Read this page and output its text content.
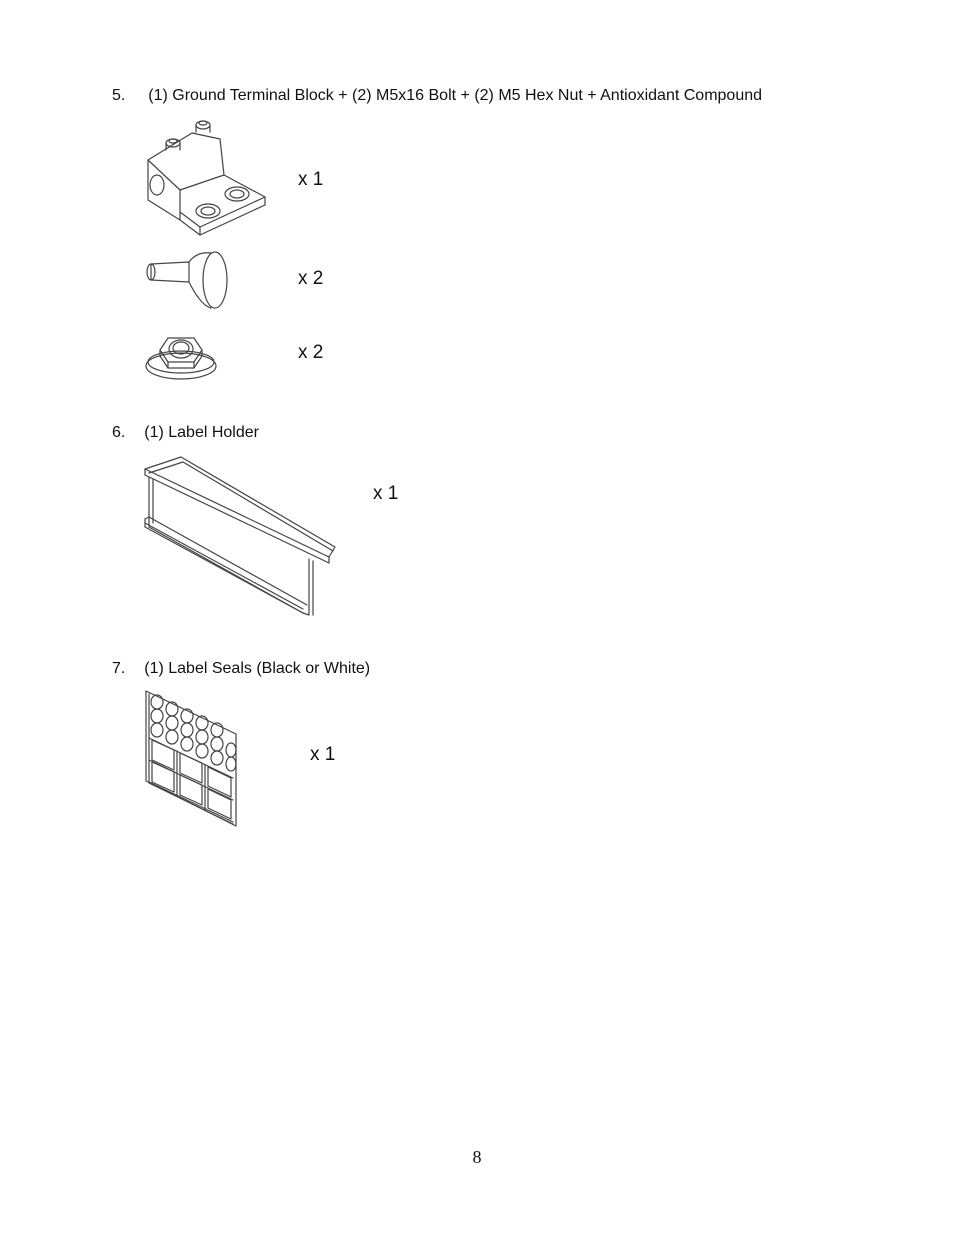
5. (1) Ground Terminal Block + (2) M5x16 Bolt + (2) M5 Hex Nut + Antioxidant Compound
x 1
x 2
x 2
6. (1) Label Holder
x 1
7. (1) Label Seals (Black or White)
x 1
8
